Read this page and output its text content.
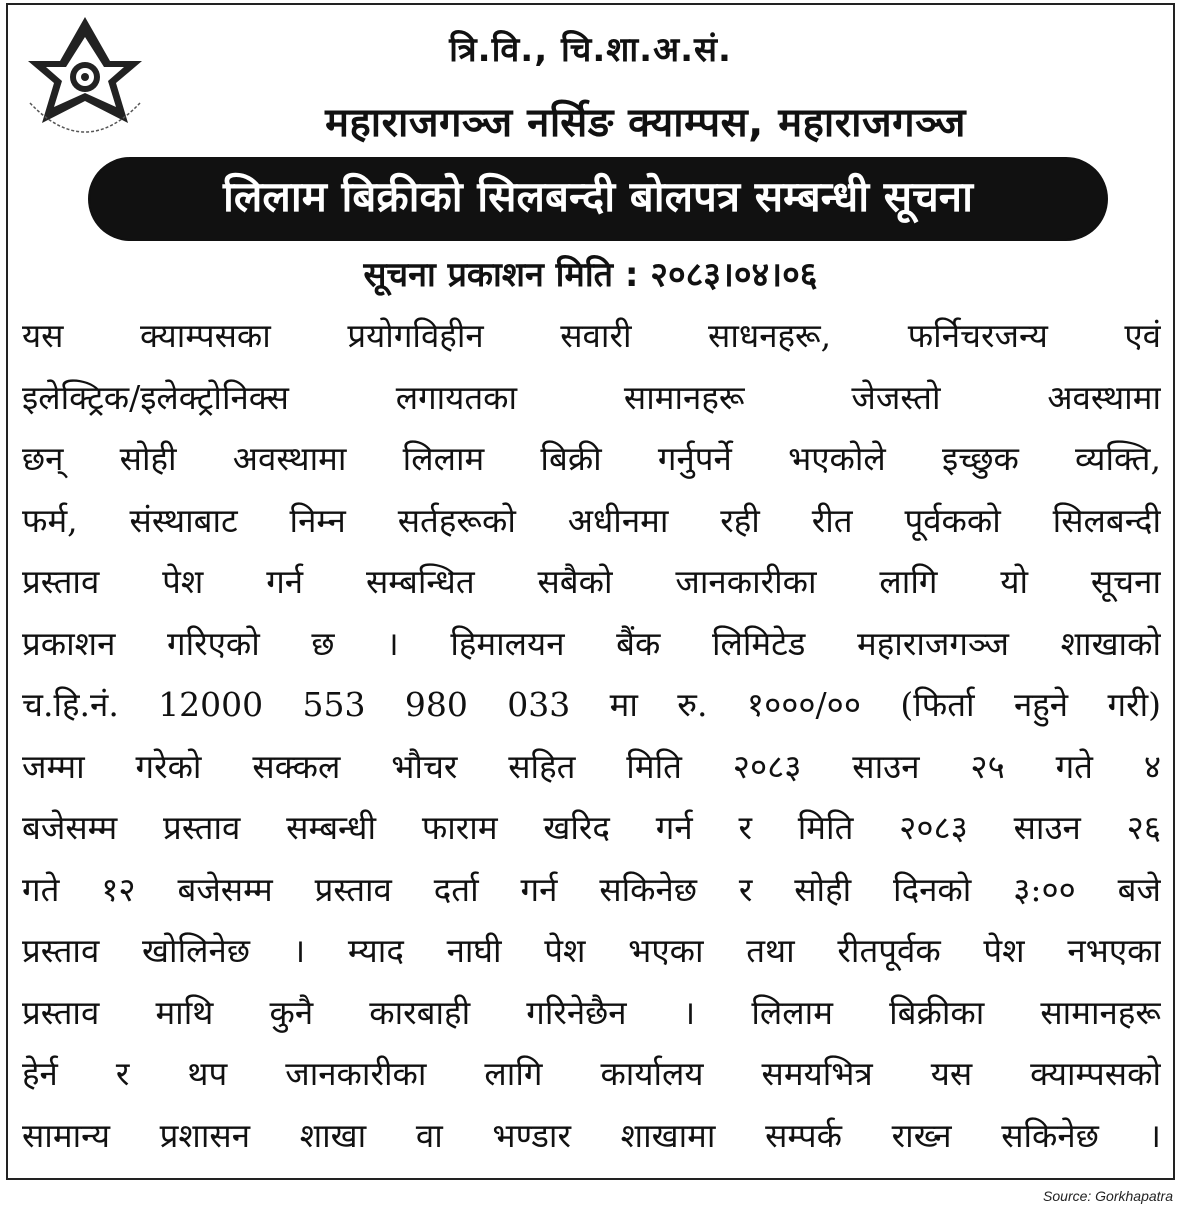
त्रि.वि., चि.शा.अ.सं.
महाराजगञ्ज नर्सिङ क्याम्पस, महाराजगञ्ज
लिलाम बिक्रीको सिलबन्दी बोलपत्र सम्बन्धी सूचना
सूचना प्रकाशन मिति : २०८३।०४।०६
यस क्याम्पसका प्रयोगविहीन सवारी साधनहरू, फर्निचरजन्य एवं
इलेक्ट्रिक/इलेक्ट्रोनिक्स लगायतका सामानहरू जेजस्तो अवस्थामा
छन् सोही अवस्थामा लिलाम बिक्री गर्नुपर्ने भएकोले इच्छुक व्यक्ति,
फर्म, संस्थाबाट निम्न सर्तहरूको अधीनमा रही रीत पूर्वकको सिलबन्दी
प्रस्ताव पेश गर्न सम्बन्धित सबैको जानकारीका लागि यो सूचना
प्रकाशन गरिएको छ । हिमालयन बैंक लिमिटेड महाराजगञ्ज शाखाको
च.हि.नं. 12000 553 980 033 मा रु. १०००/०० (फिर्ता नहुने गरी)
जम्मा गरेको सक्कल भौचर सहित मिति २०८३ साउन २५ गते ४
बजेसम्म प्रस्ताव सम्बन्धी फाराम खरिद गर्न र मिति २०८३ साउन २६
गते १२ बजेसम्म प्रस्ताव दर्ता गर्न सकिनेछ र सोही दिनको ३:०० बजे
प्रस्ताव खोलिनेछ । म्याद नाघी पेश भएका तथा रीतपूर्वक पेश नभएका
प्रस्ताव माथि कुनै कारबाही गरिनेछैन । लिलाम बिक्रीका सामानहरू
हेर्न र थप जानकारीका लागि कार्यालय समयभित्र यस क्याम्पसको
सामान्य प्रशासन शाखा वा भण्डार शाखामा सम्पर्क राख्न सकिनेछ ।
Source: Gorkhapatra
